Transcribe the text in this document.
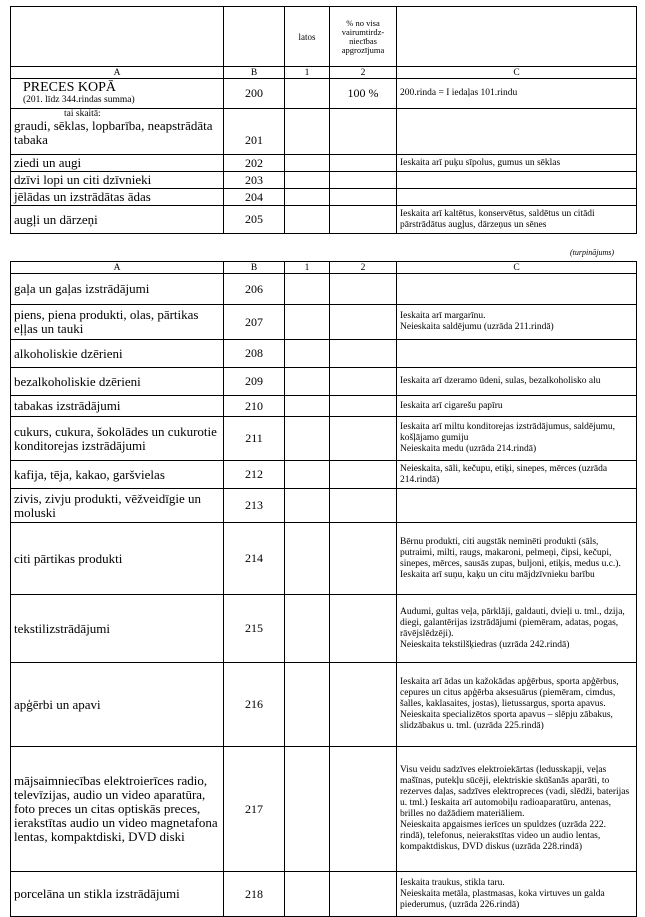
		latos	% no visa vairumtirdz-niecības apgrozījuma	
A	B	1	2	C

PRECES KOPĀ
(201. līdz 344.rindas summa)	200		100 %	200.rinda = I iedaļas 101.rindu

tai skaitā:
graudi, sēklas, lopbarība, neapstrādāta tabaka	201			
ziedi un augi	202			Ieskaita arī puķu sīpolus, gumus un sēklas
dzīvi lopi un citi dzīvnieki	203			
jēlādas un izstrādātas ādas	204			
augļi un dārzeņi	205			Ieskaita arī kaltētus, konservētus, saldētus un citādi pārstrādātus augļus, dārzeņus un sēnes
(turpinājums)
A	B	1	2	C
gaļa un gaļas izstrādājumi	206			
piens, piena produkti, olas, pārtikas eļļas un tauki	207			Ieskaita arī margarīnu.
Neieskaita saldējumu (uzrāda 211.rindā)
alkoholiskie dzērieni	208			
bezalkoholiskie dzērieni	209			Ieskaita arī dzeramo ūdeni, sulas, bezalkoholisko alu
tabakas izstrādājumi	210			Ieskaita arī cigarešu papīru
cukurs, cukura, šokolādes un cukurotie konditorejas izstrādājumi	211			Ieskaita arī miltu konditorejas izstrādājumus, saldējumu, košļājamo gumiju
Neieskaita medu (uzrāda 214.rindā)
kafija, tēja, kakao, garšvielas	212			Neieskaita, sāli, kečupu, etiķi, sinepes, mērces (uzrāda 214.rindā)
zivis, zivju produkti, vēžveidīgie un moluski	213			
citi pārtikas produkti	214			Bērnu produkti, citi augstāk neminēti produkti (sāls, putraimi, milti, raugs, makaroni, pelmeņi, čipsi, kečupi, sinepes, mērces, sausās zupas, buljoni, etiķis, medus u.c.). Ieskaita arī suņu, kaķu un citu mājdzīvnieku barību
tekstilizstrādājumi	215			Audumi, gultas veļa, pārklāji, galdauti, dvieļi u. tml., dzija, diegi, galantērijas izstrādājumi (piemēram, adatas, pogas, rāvējslēdzēji).
Neieskaita tekstilšķiedras (uzrāda 242.rindā)
apģērbi un apavi	216			Ieskaita arī ādas un kažokādas apģērbus, sporta apģērbus, cepures un citus apģērba aksesuārus (piemēram, cimdus, šalles, kaklasaites, jostas), lietussargus, sporta apavus.
Neieskaita specializētos sporta apavus – slēpju zābakus, slidzābakus u. tml. (uzrāda 225.rindā)
mājsaimniecības elektroierīces radio, televīzijas, audio un video aparatūra, foto preces un citas optiskās preces, ierakstītas audio un video magnetafona lentas, kompaktdiski, DVD diski	217			Visu veidu sadzīves elektroiekārtas (ledusskapji, veļas mašīnas, putekļu sūcēji, elektriskie skūšanās aparāti, to rezerves daļas, sadzīves elektropreces (vadi, slēdži, baterijas u. tml.) Ieskaita arī automobiļu radioaparatūru, antenas, brilles no dažādiem materiāliem.
Neieskaita apgaismes ierīces un spuldzes (uzrāda 222. rindā), telefonus, neierakstītas video un audio lentas, kompaktdiskus, DVD diskus (uzrāda 228.rindā)
porcelāna un stikla izstrādājumi	218			Ieskaita traukus, stikla taru.
Neieskaita metāla, plastmasas, koka virtuves un galda piederumus, (uzrāda 226.rindā)
